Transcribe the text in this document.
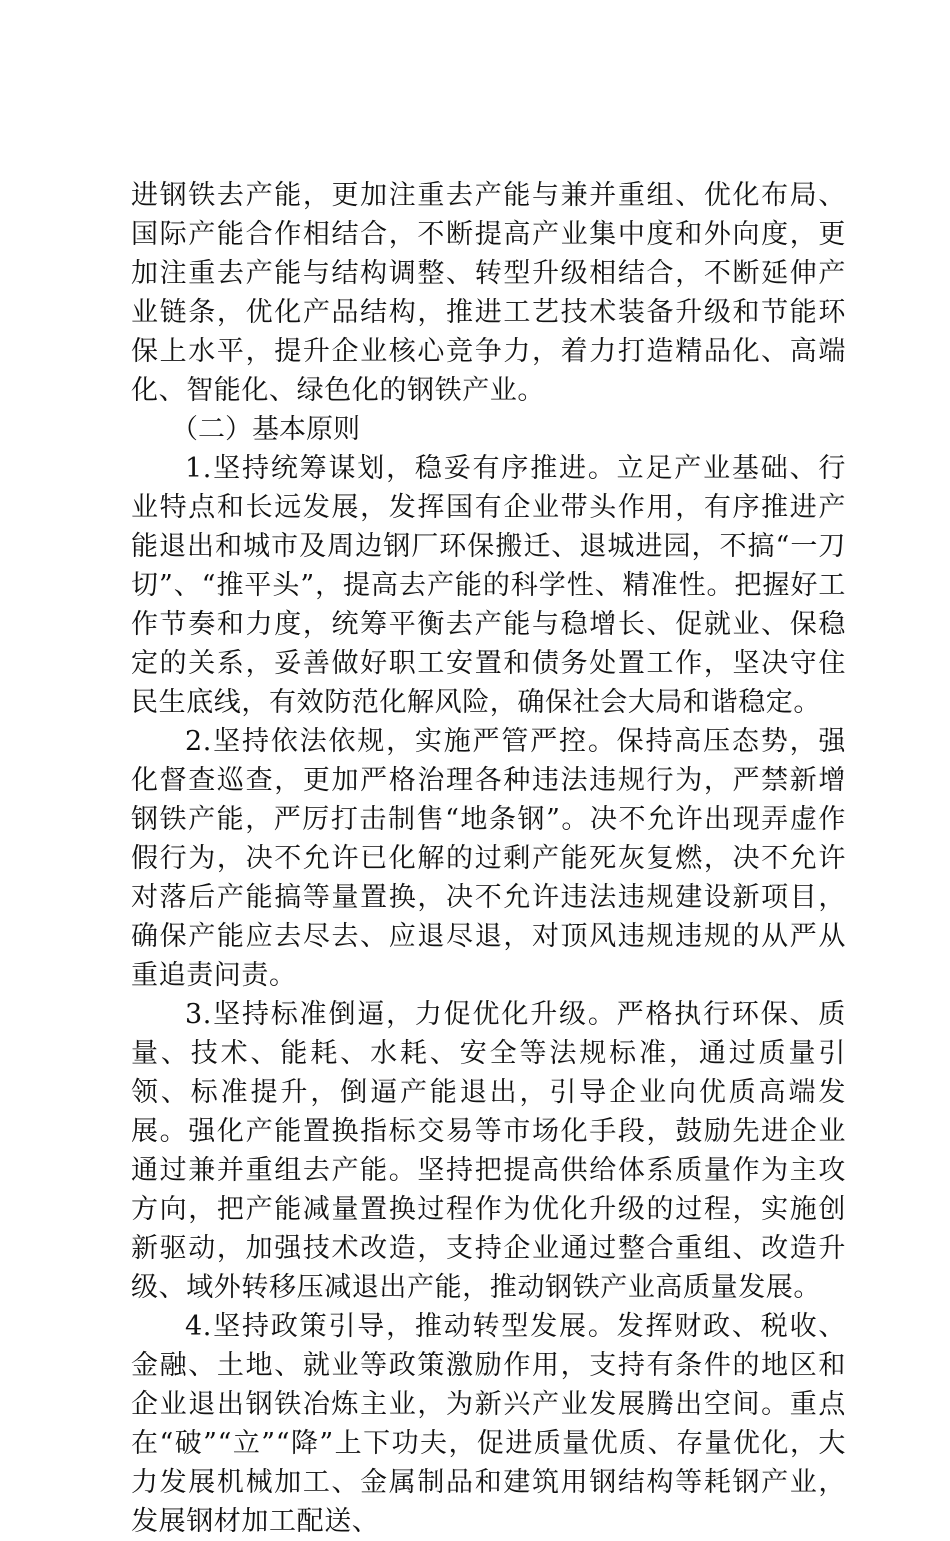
进钢铁去产能，更加注重去产能与兼并重组、优化布局、国际产能合作相结合，不断提高产业集中度和外向度，更加注重去产能与结构调整、转型升级相结合，不断延伸产业链条，优化产品结构，推进工艺技术装备升级和节能环保上水平，提升企业核心竞争力，着力打造精品化、高端化、智能化、绿色化的钢铁产业。

（二）基本原则

1.坚持统筹谋划，稳妥有序推进。立足产业基础、行业特点和长远发展，发挥国有企业带头作用，有序推进产能退出和城市及周边钢厂环保搬迁、退城进园，不搞“一刀切”、“推平头”，提高去产能的科学性、精准性。把握好工作节奏和力度，统筹平衡去产能与稳增长、促就业、保稳定的关系，妥善做好职工安置和债务处置工作，坚决守住民生底线，有效防范化解风险，确保社会大局和谐稳定。

2.坚持依法依规，实施严管严控。保持高压态势，强化督查巡查，更加严格治理各种违法违规行为，严禁新增钢铁产能，严厉打击制售“地条钢”。决不允许出现弄虚作假行为，决不允许已化解的过剩产能死灰复燃，决不允许对落后产能搞等量置换，决不允许违法违规建设新项目，确保产能应去尽去、应退尽退，对顶风违规违规的从严从重追责问责。

3.坚持标准倒逼，力促优化升级。严格执行环保、质量、技术、能耗、水耗、安全等法规标准，通过质量引领、标准提升，倒逼产能退出，引导企业向优质高端发展。强化产能置换指标交易等市场化手段，鼓励先进企业通过兼并重组去产能。坚持把提高供给体系质量作为主攻方向，把产能减量置换过程作为优化升级的过程，实施创新驱动，加强技术改造，支持企业通过整合重组、改造升级、域外转移压减退出产能，推动钢铁产业高质量发展。

4.坚持政策引导，推动转型发展。发挥财政、税收、金融、土地、就业等政策激励作用，支持有条件的地区和企业退出钢铁冶炼主业，为新兴产业发展腾出空间。重点在“破”“立”“降”上下功夫，促进质量优质、存量优化，大力发展机械加工、金属制品和建筑用钢结构等耗钢产业，发展钢材加工配送、
